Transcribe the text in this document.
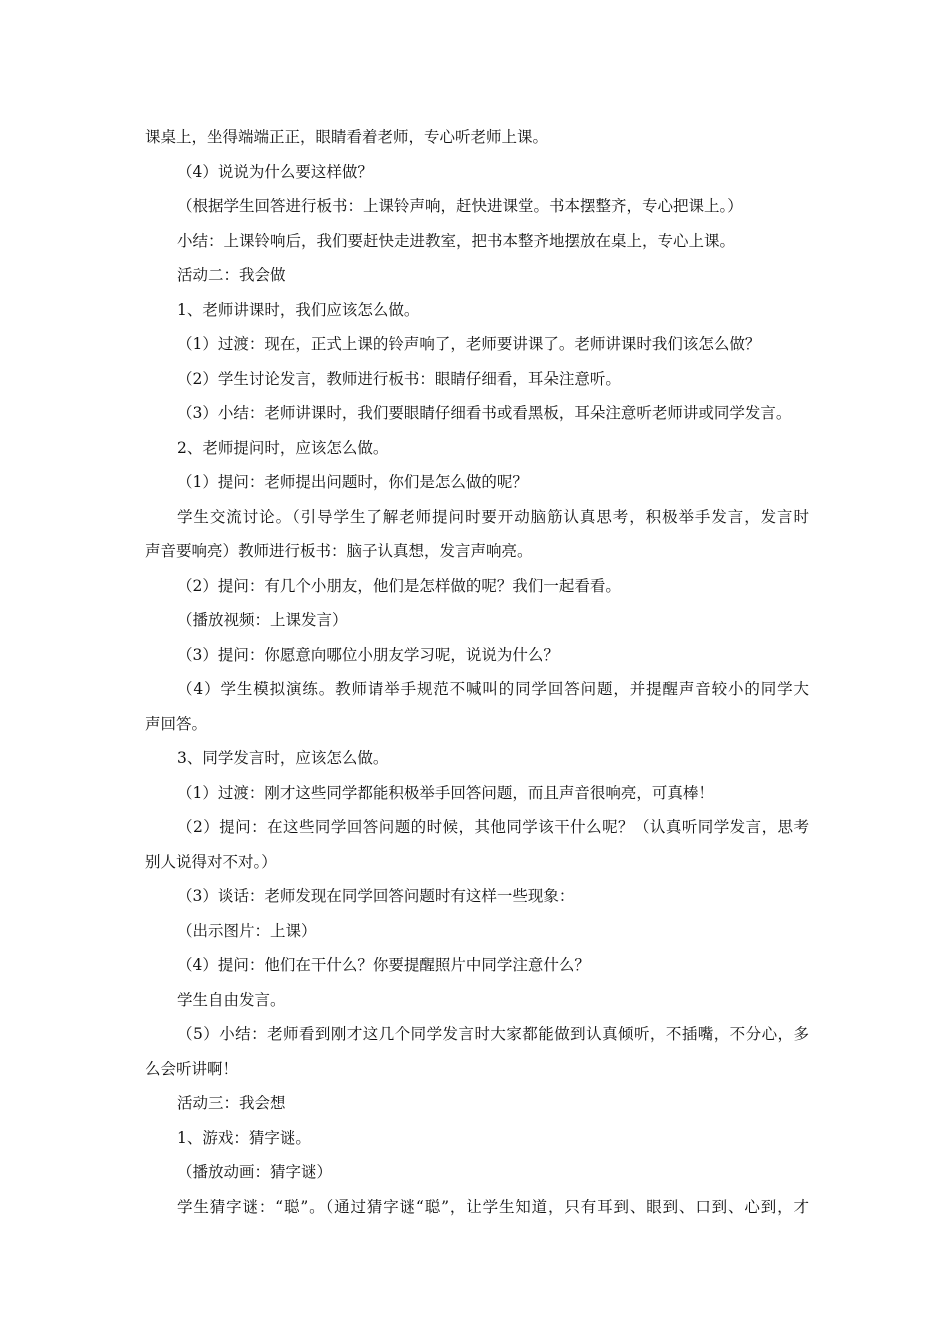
课桌上，坐得端端正正，眼睛看着老师，专心听老师上课。
（4）说说为什么要这样做？
（根据学生回答进行板书：上课铃声响，赶快进课堂。书本摆整齐，专心把课上。）
小结：上课铃响后，我们要赶快走进教室，把书本整齐地摆放在桌上，专心上课。
活动二：我会做
1、老师讲课时，我们应该怎么做。
（1）过渡：现在，正式上课的铃声响了，老师要讲课了。老师讲课时我们该怎么做？
（2）学生讨论发言，教师进行板书：眼睛仔细看，耳朵注意听。
（3）小结：老师讲课时，我们要眼睛仔细看书或看黑板，耳朵注意听老师讲或同学发言。
2、老师提问时，应该怎么做。
（1）提问：老师提出问题时，你们是怎么做的呢？
学生交流讨论。（引导学生了解老师提问时要开动脑筋认真思考，积极举手发言，发言时
声音要响亮）教师进行板书：脑子认真想，发言声响亮。
（2）提问：有几个小朋友，他们是怎样做的呢？我们一起看看。
（播放视频：上课发言）
（3）提问：你愿意向哪位小朋友学习呢，说说为什么？
（4）学生模拟演练。教师请举手规范不喊叫的同学回答问题，并提醒声音较小的同学大
声回答。
3、同学发言时，应该怎么做。
（1）过渡：刚才这些同学都能积极举手回答问题，而且声音很响亮，可真棒！
（2）提问：在这些同学回答问题的时候，其他同学该干什么呢？（认真听同学发言，思考
别人说得对不对。）
（3）谈话：老师发现在同学回答问题时有这样一些现象：
（出示图片：上课）
（4）提问：他们在干什么？你要提醒照片中同学注意什么？
学生自由发言。
（5）小结：老师看到刚才这几个同学发言时大家都能做到认真倾听，不插嘴，不分心，多
么会听讲啊！
活动三：我会想
1、游戏：猜字谜。
（播放动画：猜字谜）
学生猜字谜：“聪”。（通过猜字谜“聪”，让学生知道，只有耳到、眼到、口到、心到，才
